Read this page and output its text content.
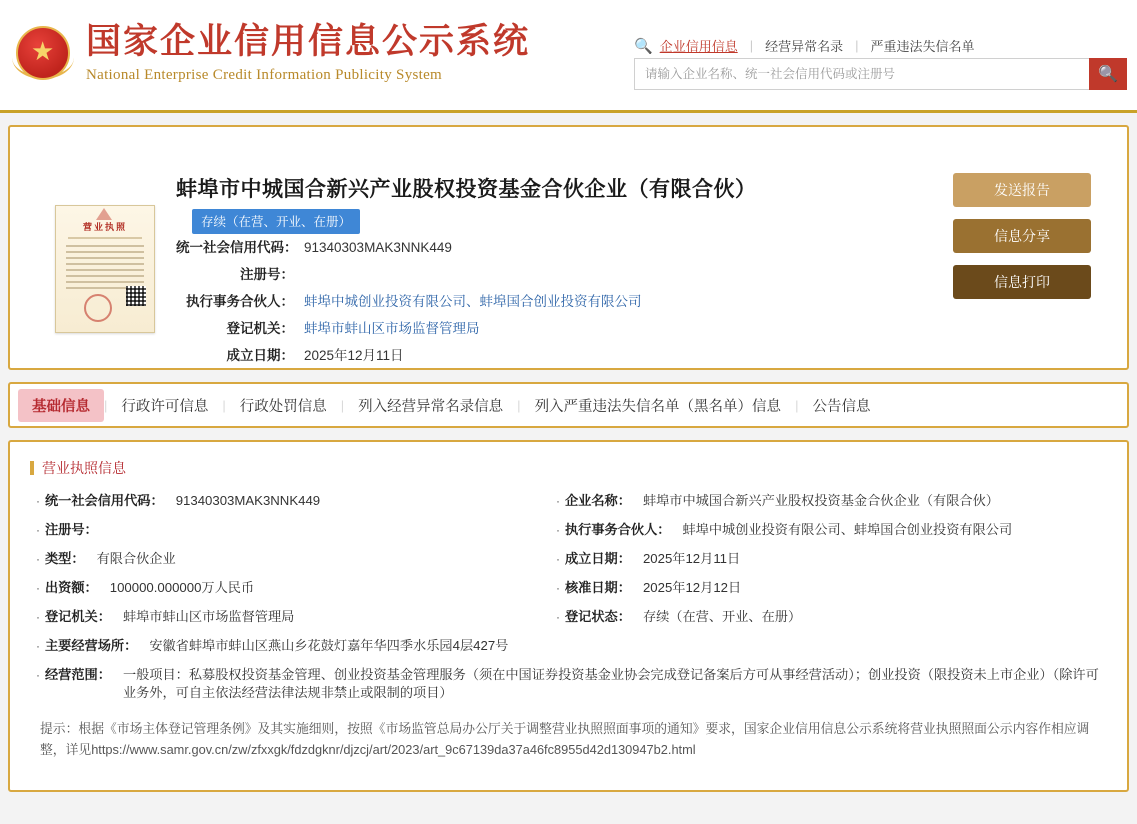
★ 国家企业信用信息公示系统
National Enterprise Credit Information Publicity System
🔍 企业信用信息 | 经营异常名录 | 严重违法失信名单
请输入企业名称、统一社会信用代码或注册号
🔍
营业执照
蚌埠市中城国合新兴产业股权投资基金合伙企业（有限合伙）
存续（在营、开业、在册）
统一社会信用代码： 91340303MAK3NNK449
注册号：
执行事务合伙人： 蚌埠中城创业投资有限公司、蚌埠国合创业投资有限公司
登记机关： 蚌埠市蚌山区市场监督管理局
成立日期： 2025年12月11日
发送报告
信息分享
信息打印
基础信息	| 行政许可信息	| 行政处罚信息	| 列入经营异常名录信息	| 列入严重违法失信名单（黑名单）信息	| 公告信息
营业执照信息
· 统一社会信用代码： 91340303MAK3NNK449	· 企业名称： 蚌埠市中城国合新兴产业股权投资基金合伙企业（有限合伙）
· 注册号：	· 执行事务合伙人： 蚌埠中城创业投资有限公司、蚌埠国合创业投资有限公司
· 类型： 有限合伙企业	· 成立日期： 2025年12月11日
· 出资额： 100000.000000万人民币	· 核准日期： 2025年12月12日
· 登记机关： 蚌埠市蚌山区市场监督管理局	· 登记状态： 存续（在营、开业、在册）
· 主要经营场所： 安徽省蚌埠市蚌山区燕山乡花鼓灯嘉年华四季水乐园4层427号
· 经营范围： 一般项目：私募股权投资基金管理、创业投资基金管理服务（须在中国证券投资基金业协会完成登记备案后方可从事经营活动）；创业投资（限投资未上市企业）（除许可业务外，可自主依法经营法律法规非禁止或限制的项目）
提示：根据《市场主体登记管理条例》及其实施细则，按照《市场监管总局办公厅关于调整营业执照照面事项的通知》要求，国家企业信用信息公示系统将营业执照照面公示内容作相应调整，详见https://www.samr.gov.cn/zw/zfxxgk/fdzdgknr/djzcj/art/2023/art_9c67139da37a46fc8955d42d130947b2.html
